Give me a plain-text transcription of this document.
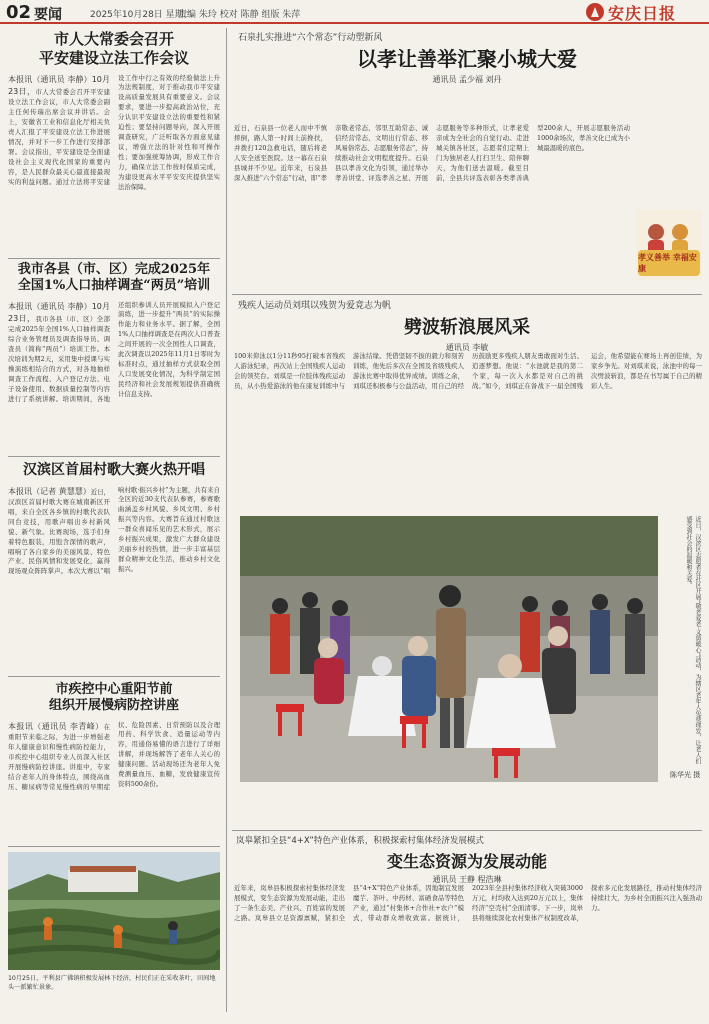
02 要闻	2025年10月28日 星期二
责编 朱玲 校对 陈静 组版 朱萍	安庆日报
市人大常委会召开
平安建设立法工作会议
本报讯（通讯员 李静）10月23日，市人大常委会召开平安建设立法工作会议，市人大常委会副主任何传瑞出席会议并讲话。会上，安徽省工业和信息化厅相关负责人汇报了平安建设立法工作进展情况，并对下一步工作进行安排部署。会议指出，平安建设是全面建设社会主义现代化国家的重要内容，是人民群众最关心最直接最现实的利益问题。通过立法将平安建设工作中行之有效的经验做法上升为法规制度，对于推动我市平安建设高质量发展具有重要意义。会议要求，要进一步提高政治站位，充分认识平安建设立法的重要性和紧迫性；要坚持问题导向，深入开展调查研究，广泛听取各方面意见建议，增强立法的针对性和可操作性；要加强统筹协调，形成工作合力，确保立法工作按时保质完成，为建设更高水平平安安庆提供坚实法治保障。
我市各县（市、区）完成2025年
全国1%人口抽样调查“两员”培训
本报讯（通讯员 李静）10月23日，我市各县（市、区）全部完成2025年全国1%人口抽样调查综合业务管理员及调查指导员、调查员（简称“两员”）培训工作。本次培训为期2天，采用集中授课与实操演练相结合的方式，对各地抽样调查工作流程、入户登记方法、电子设备使用、数据质量控制等内容进行了系统讲解。培训期间，各地还组织参训人员开展模拟入户登记演练，进一步提升“两员”的实际操作能力和业务水平。据了解，全国1%人口抽样调查是在两次人口普查之间开展的一次全国性人口调查，此次调查以2025年11月1日零时为标准时点，通过抽样方式获取全国人口发展变化情况，为科学制定国民经济和社会发展规划提供准确统计信息支持。
汉滨区首届村歌大赛火热开唱
本报讯（记者 黄慧慧）近日，汉滨区首届村歌大赛在城南新区开唱，来自全区各乡镇的村歌代表队同台竞技，用歌声唱出乡村新风貌、新气象。比赛现场，选手们身着特色服装，用饱含深情的歌声，唱响了各自家乡的美丽风景、特色产业、民俗风情和发展变化，赢得现场观众阵阵掌声。本次大赛以“唱响村歌·振兴乡村”为主题，共有来自全区的近30支代表队参赛，参赛歌曲涵盖乡村风貌、乡风文明、乡村振兴等内容。大赛旨在通过村歌这一群众喜闻乐见的艺术形式，展示乡村振兴成果，激发广大群众建设美丽乡村的热情，进一步丰富基层群众精神文化生活，推动乡村文化振兴。
市疾控中心重阳节前
组织开展慢病防控讲座
本报讯（通讯员 李青峰）在重阳节来临之际，为进一步增强老年人健康意识和慢性病防控能力，市疾控中心组织专业人员深入社区开展慢病防控讲座。讲座中，专家结合老年人的身体特点，围绕高血压、糖尿病等常见慢性病的早期症状、危险因素、日常预防以及合理用药、科学饮食、适量运动等内容，用通俗易懂的语言进行了详细讲解，并现场解答了老年人关心的健康问题。活动现场还为老年人免费测量血压、血糖，发放健康宣传资料500余份。
10月25日，平利县广佛镇积极发展林下经济，村民们正在采收茶叶，田间地头一派繁忙景象。
石泉扎实推进“六个常态”行动塑新风
以孝让善举汇聚小城大爱
通讯员 孟少福 刘丹
近日，石泉县一位老人而中不慎摔倒，路人第一时间上前搀扶，并拨打120急救电话，随后将老人安全送至医院。这一幕在石泉县城并不少见。近年来，石泉县深入推进“六个常态”行动，即“孝亲敬老常态、邻里互助常态、诚信经营常态、文明出行常态、移风易俗常态、志愿服务常态”，持续推动社会文明程度提升。石泉县以孝善文化为引领，通过举办孝善讲堂、评选孝善之星、开展志愿服务等多种形式，让孝老爱亲成为全社会的自觉行动。走进城关镇各社区，志愿者们定期上门为独居老人打扫卫生、陪伴聊天，为他们送去温暖。截至目前，全县共评选表彰各类孝善典型200余人，开展志愿服务活动1000余场次，孝善文化已成为小城最温暖的底色。
孝义善举 幸福安康
残疾人运动员刘琪以残贺为爱竟志为帆
劈波斩浪展风采
通讯员 李敏
100米仰泳以1分11秒95打破本省残疾人游泳纪录，再次站上全国残疾人运动会的领奖台。刘琪是一位肢体残疾运动员，从小热爱游泳的他在康复训练中与游泳结缘。凭借坚韧不拔的毅力和刻苦训练，他先后多次在全国及省级残疾人游泳比赛中取得优异成绩。训练之余，刘琪还积极参与公益活动，用自己的经历鼓励更多残疾人朋友勇敢面对生活、追逐梦想。他说：“水池就是我的第二个家，每一次入水都是对自己的挑战。”如今，刘琪正在备战下一届全国残运会，他希望能在赛场上再创佳绩，为家乡争光。对刘琪来说，泳池中的每一次劈波斩浪，都是在书写属于自己的精彩人生。
近日，汉滨区志愿者在社区开展“敬老爱老·义剪暖心”活动，为辖区老年人免费理发，让老人们感受到社会的温暖和关爱。
陈华光 摄
岚皋紧扣全县“4+X”特色产业体系，积极探索村集体经济发展模式
变生态资源为发展动能
通讯员 王静 程浩琳
近年来，岚皋县积极探索村集体经济发展模式，变生态资源为发展动能，走出了一条生态美、产业兴、百姓富的发展之路。岚皋县立足资源禀赋，紧扣全县“4+X”特色产业体系，因地制宜发展魔芋、茶叶、中药材、富硒食品等特色产业，通过“村集体+合作社+农户”模式，带动群众增收致富。据统计，2023年全县村集体经济收入突破3000万元，村均收入达到20万元以上，集体经济“空壳村”全面清零。下一步，岚皋县将继续深化农村集体产权制度改革，探索多元化发展路径，推动村集体经济持续壮大，为乡村全面振兴注入强劲动力。
